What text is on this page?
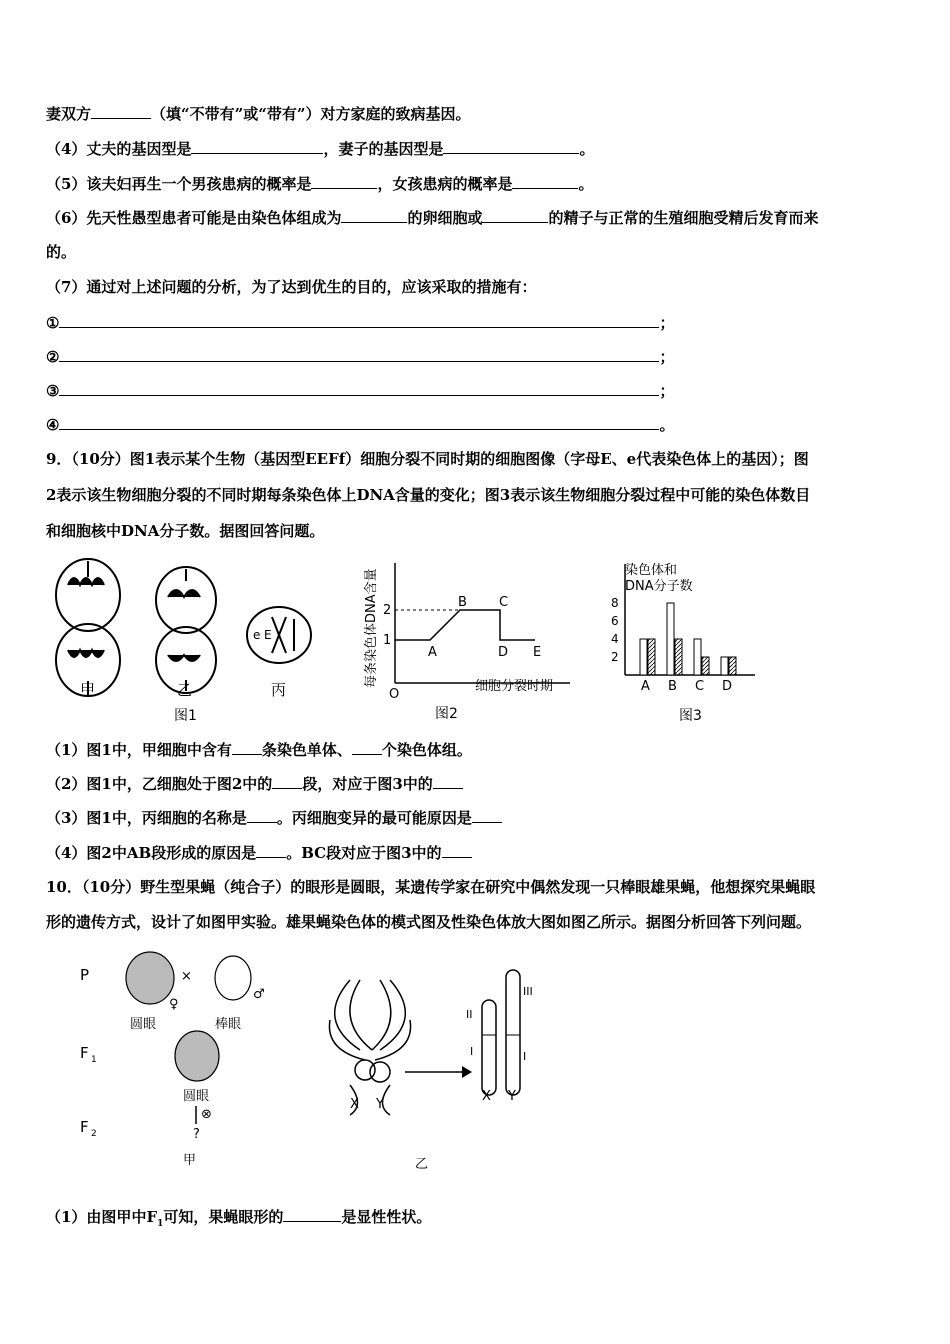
妻双方	（填“不带有”或“带有”）对方家庭的致病基因。
（4）丈夫的基因型是	，妻子的基因型是	。
（5）该夫妇再生一个男孩患病的概率是	，女孩患病的概率是	。
（6）先天性愚型患者可能是由染色体组成为	的卵细胞或	的精子与正常的生殖细胞受精后发育而来
的。
（7）通过对上述问题的分析，为了达到优生的目的，应该采取的措施有：
①	；
②	；
③	；
④	。
9．（10分）图1表示某个生物（基因型EEFf）细胞分裂不同时期的细胞图像（字母E、e代表染色体上的基因）；图
2表示该生物细胞分裂的不同时期每条染色体上DNA含量的变化；图3表示该生物细胞分裂过程中可能的染色体数目
和细胞核中DNA分子数。据图回答问题。
e E
甲	乙	丙
图1
1
2
O
A
B C
D E
细胞分裂时期
每条染色体DNA含量
图2
染色体和
DNA分子数
2
4
6
8
A B C D
图3
（1）图1中，甲细胞中含有 条染色单体、 个染色体组。
（2）图1中，乙细胞处于图2中的 段，对应于图3中的
（3）图1中，丙细胞的名称是 。丙细胞变异的最可能原因是
（4）图2中AB段形成的原因是 。BC段对应于图3中的
10．（10分）野生型果蝇（纯合子）的眼形是圆眼，某遗传学家在研究中偶然发现一只棒眼雄果蝇，他想探究果蝇眼
形的遗传方式，设计了如图甲实验。雄果蝇染色体的模式图及性染色体放大图如图乙所示。据图分析回答下列问题。
P
F 1
F 2
×
♀
♂
圆眼	棒眼
圆眼
⊗
?
甲
II
I
III
I
X Y
X Y
乙
（1）由图甲中$F_1$可知，果蝇眼形的	是显性性状。
